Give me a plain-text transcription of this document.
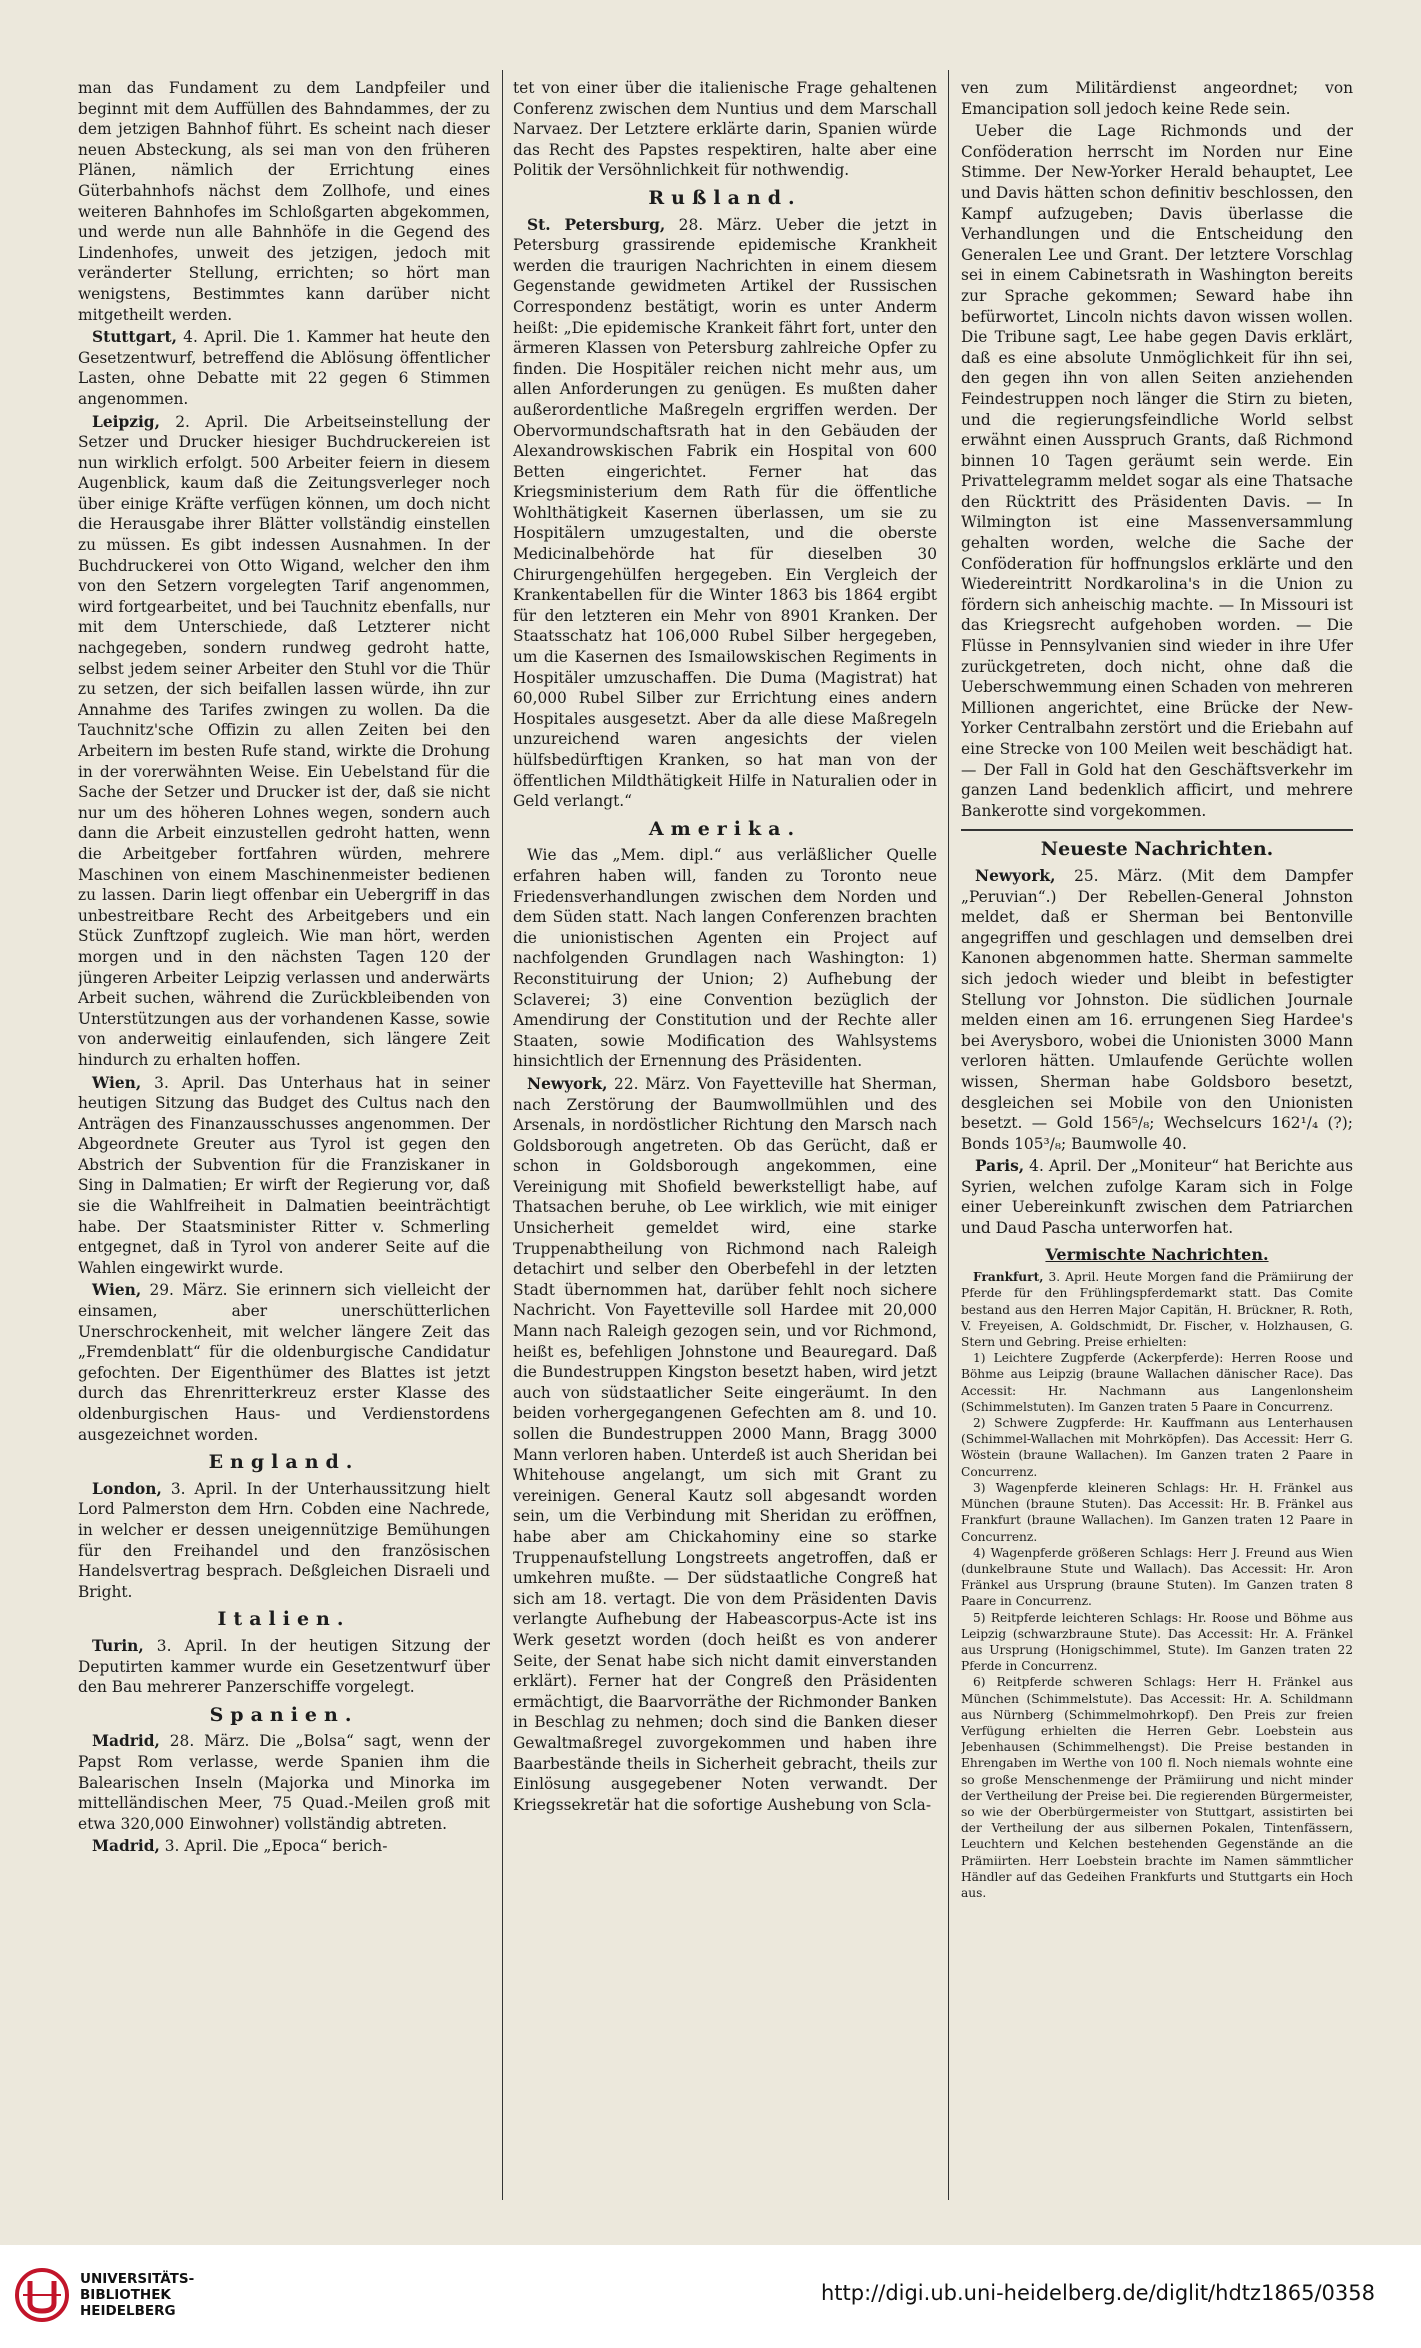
man das Fundament zu dem Landpfeiler und beginnt mit dem Auffüllen des Bahndammes, der zu dem jetzigen Bahnhof führt. Es scheint nach dieser neuen Absteckung, als sei man von den früheren Plänen, nämlich der Errichtung eines Güterbahnhofs nächst dem Zollhofe, und eines weiteren Bahnhofes im Schloßgarten abgekommen, und werde nun alle Bahnhöfe in die Gegend des Lindenhofes, unweit des jetzigen, jedoch mit veränderter Stellung, errichten; so hört man wenigstens, Bestimmtes kann darüber nicht mitgetheilt werden.

Stuttgart, 4. April. Die 1. Kammer hat heute den Gesetzentwurf, betreffend die Ablösung öffentlicher Lasten, ohne Debatte mit 22 gegen 6 Stimmen angenommen.

Leipzig, 2. April. Die Arbeitseinstellung der Setzer und Drucker hiesiger Buchdruckereien ist nun wirklich erfolgt. 500 Arbeiter feiern in diesem Augenblick, kaum daß die Zeitungsverleger noch über einige Kräfte verfügen können, um doch nicht die Herausgabe ihrer Blätter vollständig einstellen zu müssen. Es gibt indessen Ausnahmen. In der Buchdruckerei von Otto Wigand, welcher den ihm von den Setzern vorgelegten Tarif angenommen, wird fortgearbeitet, und bei Tauchnitz ebenfalls, nur mit dem Unterschiede, daß Letzterer nicht nachgegeben, sondern rundweg gedroht hatte, selbst jedem seiner Arbeiter den Stuhl vor die Thür zu setzen, der sich beifallen lassen würde, ihn zur Annahme des Tarifes zwingen zu wollen. Da die Tauchnitz'sche Offizin zu allen Zeiten bei den Arbeitern im besten Rufe stand, wirkte die Drohung in der vorerwähnten Weise. Ein Uebelstand für die Sache der Setzer und Drucker ist der, daß sie nicht nur um des höheren Lohnes wegen, sondern auch dann die Arbeit einzustellen gedroht hatten, wenn die Arbeitgeber fortfahren würden, mehrere Maschinen von einem Maschinenmeister bedienen zu lassen. Darin liegt offenbar ein Uebergriff in das unbestreitbare Recht des Arbeitgebers und ein Stück Zunftzopf zugleich. Wie man hört, werden morgen und in den nächsten Tagen 120 der jüngeren Arbeiter Leipzig verlassen und anderwärts Arbeit suchen, während die Zurückbleibenden von Unterstützungen aus der vorhandenen Kasse, sowie von anderweitig einlaufenden, sich längere Zeit hindurch zu erhalten hoffen.

Wien, 3. April. Das Unterhaus hat in seiner heutigen Sitzung das Budget des Cultus nach den Anträgen des Finanzausschusses angenommen. Der Abgeordnete Greuter aus Tyrol ist gegen den Abstrich der Subvention für die Franziskaner in Sing in Dalmatien; Er wirft der Regierung vor, daß sie die Wahlfreiheit in Dalmatien beeinträchtigt habe. Der Staatsminister Ritter v. Schmerling entgegnet, daß in Tyrol von anderer Seite auf die Wahlen eingewirkt wurde.

Wien, 29. März. Sie erinnern sich vielleicht der einsamen, aber unerschütterlichen Unerschrockenheit, mit welcher längere Zeit das „Fremdenblatt“ für die oldenburgische Candidatur gefochten. Der Eigenthümer des Blattes ist jetzt durch das Ehrenritterkreuz erster Klasse des oldenburgischen Haus- und Verdienstordens ausgezeichnet worden.

England.

London, 3. April. In der Unterhaussitzung hielt Lord Palmerston dem Hrn. Cobden eine Nachrede, in welcher er dessen uneigennützige Bemühungen für den Freihandel und den französischen Handelsvertrag besprach. Deßgleichen Disraeli und Bright.

Italien.

Turin, 3. April. In der heutigen Sitzung der Deputirten kammer wurde ein Gesetzentwurf über den Bau mehrerer Panzerschiffe vorgelegt.

Spanien.

Madrid, 28. März. Die „Bolsa“ sagt, wenn der Papst Rom verlasse, werde Spanien ihm die Balearischen Inseln (Majorka und Minorka im mittelländischen Meer, 75 Quad.-Meilen groß mit etwa 320,000 Einwohner) vollständig abtreten.

Madrid, 3. April. Die „Epoca“ berich-

tet von einer über die italienische Frage gehaltenen Conferenz zwischen dem Nuntius und dem Marschall Narvaez. Der Letztere erklärte darin, Spanien würde das Recht des Papstes respektiren, halte aber eine Politik der Versöhnlichkeit für nothwendig.

Rußland.

St. Petersburg, 28. März. Ueber die jetzt in Petersburg grassirende epidemische Krankheit werden die traurigen Nachrichten in einem diesem Gegenstande gewidmeten Artikel der Russischen Correspondenz bestätigt, worin es unter Anderm heißt: „Die epidemische Krankeit fährt fort, unter den ärmeren Klassen von Petersburg zahlreiche Opfer zu finden. Die Hospitäler reichen nicht mehr aus, um allen Anforderungen zu genügen. Es mußten daher außerordentliche Maßregeln ergriffen werden. Der Obervormundschaftsrath hat in den Gebäuden der Alexandrowskischen Fabrik ein Hospital von 600 Betten eingerichtet. Ferner hat das Kriegsministerium dem Rath für die öffentliche Wohlthätigkeit Kasernen überlassen, um sie zu Hospitälern umzugestalten, und die oberste Medicinalbehörde hat für dieselben 30 Chirurgengehülfen hergegeben. Ein Vergleich der Krankentabellen für die Winter 1863 bis 1864 ergibt für den letzteren ein Mehr von 8901 Kranken. Der Staatsschatz hat 106,000 Rubel Silber hergegeben, um die Kasernen des Ismailowskischen Regiments in Hospitäler umzuschaffen. Die Duma (Magistrat) hat 60,000 Rubel Silber zur Errichtung eines andern Hospitales ausgesetzt. Aber da alle diese Maßregeln unzureichend waren angesichts der vielen hülfsbedürftigen Kranken, so hat man von der öffentlichen Mildthätigkeit Hilfe in Naturalien oder in Geld verlangt.“

Amerika.

Wie das „Mem. dipl.“ aus verläßlicher Quelle erfahren haben will, fanden zu Toronto neue Friedensverhandlungen zwischen dem Norden und dem Süden statt. Nach langen Conferenzen brachten die unionistischen Agenten ein Project auf nachfolgenden Grundlagen nach Washington: 1) Reconstituirung der Union; 2) Aufhebung der Sclaverei; 3) eine Convention bezüglich der Amendirung der Constitution und der Rechte aller Staaten, sowie Modification des Wahlsystems hinsichtlich der Ernennung des Präsidenten.

Newyork, 22. März. Von Fayetteville hat Sherman, nach Zerstörung der Baumwollmühlen und des Arsenals, in nordöstlicher Richtung den Marsch nach Goldsborough angetreten. Ob das Gerücht, daß er schon in Goldsborough angekommen, eine Vereinigung mit Shofield bewerkstelligt habe, auf Thatsachen beruhe, ob Lee wirklich, wie mit einiger Unsicherheit gemeldet wird, eine starke Truppenabtheilung von Richmond nach Raleigh detachirt und selber den Oberbefehl in der letzten Stadt übernommen hat, darüber fehlt noch sichere Nachricht. Von Fayetteville soll Hardee mit 20,000 Mann nach Raleigh gezogen sein, und vor Richmond, heißt es, befehligen Johnstone und Beauregard. Daß die Bundestruppen Kingston besetzt haben, wird jetzt auch von südstaatlicher Seite eingeräumt. In den beiden vorhergegangenen Gefechten am 8. und 10. sollen die Bundestruppen 2000 Mann, Bragg 3000 Mann verloren haben. Unterdeß ist auch Sheridan bei Whitehouse angelangt, um sich mit Grant zu vereinigen. General Kautz soll abgesandt worden sein, um die Verbindung mit Sheridan zu eröffnen, habe aber am Chickahominy eine so starke Truppenaufstellung Longstreets angetroffen, daß er umkehren mußte. — Der südstaatliche Congreß hat sich am 18. vertagt. Die von dem Präsidenten Davis verlangte Aufhebung der Habeascorpus-Acte ist ins Werk gesetzt worden (doch heißt es von anderer Seite, der Senat habe sich nicht damit einverstanden erklärt). Ferner hat der Congreß den Präsidenten ermächtigt, die Baarvorräthe der Richmonder Banken in Beschlag zu nehmen; doch sind die Banken dieser Gewaltmaßregel zuvorgekommen und haben ihre Baarbestände theils in Sicherheit gebracht, theils zur Einlösung ausgegebener Noten verwandt. Der Kriegssekretär hat die sofortige Aushebung von Scla-

ven zum Militärdienst angeordnet; von Emancipation soll jedoch keine Rede sein.

Ueber die Lage Richmonds und der Conföderation herrscht im Norden nur Eine Stimme. Der New-Yorker Herald behauptet, Lee und Davis hätten schon definitiv beschlossen, den Kampf aufzugeben; Davis überlasse die Verhandlungen und die Entscheidung den Generalen Lee und Grant. Der letztere Vorschlag sei in einem Cabinetsrath in Washington bereits zur Sprache gekommen; Seward habe ihn befürwortet, Lincoln nichts davon wissen wollen. Die Tribune sagt, Lee habe gegen Davis erklärt, daß es eine absolute Unmöglichkeit für ihn sei, den gegen ihn von allen Seiten anziehenden Feindestruppen noch länger die Stirn zu bieten, und die regierungsfeindliche World selbst erwähnt einen Ausspruch Grants, daß Richmond binnen 10 Tagen geräumt sein werde. Ein Privattelegramm meldet sogar als eine Thatsache den Rücktritt des Präsidenten Davis. — In Wilmington ist eine Massenversammlung gehalten worden, welche die Sache der Conföderation für hoffnungslos erklärte und den Wiedereintritt Nordkarolina's in die Union zu fördern sich anheischig machte. — In Missouri ist das Kriegsrecht aufgehoben worden. — Die Flüsse in Pennsylvanien sind wieder in ihre Ufer zurückgetreten, doch nicht, ohne daß die Ueberschwemmung einen Schaden von mehreren Millionen angerichtet, eine Brücke der New-Yorker Centralbahn zerstört und die Eriebahn auf eine Strecke von 100 Meilen weit beschädigt hat. — Der Fall in Gold hat den Geschäftsverkehr im ganzen Land bedenklich afficirt, und mehrere Bankerotte sind vorgekommen.

Neueste Nachrichten.

Newyork, 25. März. (Mit dem Dampfer „Peruvian“.) Der Rebellen-General Johnston meldet, daß er Sherman bei Bentonville angegriffen und geschlagen und demselben drei Kanonen abgenommen hatte. Sherman sammelte sich jedoch wieder und bleibt in befestigter Stellung vor Johnston. Die südlichen Journale melden einen am 16. errungenen Sieg Hardee's bei Averysboro, wobei die Unionisten 3000 Mann verloren hätten. Umlaufende Gerüchte wollen wissen, Sherman habe Goldsboro besetzt, desgleichen sei Mobile von den Unionisten besetzt. — Gold 156⁵/₈; Wechselcurs 162¹/₄ (?); Bonds 105³/₈; Baumwolle 40.

Paris, 4. April. Der „Moniteur“ hat Berichte aus Syrien, welchen zufolge Karam sich in Folge einer Uebereinkunft zwischen dem Patriarchen und Daud Pascha unterworfen hat.

Vermischte Nachrichten.

Frankfurt, 3. April. Heute Morgen fand die Prämiirung der Pferde für den Frühlingspferdemarkt statt. Das Comite bestand aus den Herren Major Capitän, H. Brückner, R. Roth, V. Freyeisen, A. Goldschmidt, Dr. Fischer, v. Holzhausen, G. Stern und Gebring. Preise erhielten:

1) Leichtere Zugpferde (Ackerpferde): Herren Roose und Böhme aus Leipzig (braune Wallachen dänischer Race). Das Accessit: Hr. Nachmann aus Langenlonsheim (Schimmelstuten). Im Ganzen traten 5 Paare in Concurrenz.

2) Schwere Zugpferde: Hr. Kauffmann aus Lenterhausen (Schimmel-Wallachen mit Mohrköpfen). Das Accessit: Herr G. Wöstein (braune Wallachen). Im Ganzen traten 2 Paare in Concurrenz.

3) Wagenpferde kleineren Schlags: Hr. H. Fränkel aus München (braune Stuten). Das Accessit: Hr. B. Fränkel aus Frankfurt (braune Wallachen). Im Ganzen traten 12 Paare in Concurrenz.

4) Wagenpferde größeren Schlags: Herr J. Freund aus Wien (dunkelbraune Stute und Wallach). Das Accessit: Hr. Aron Fränkel aus Ursprung (braune Stuten). Im Ganzen traten 8 Paare in Concurrenz.

5) Reitpferde leichteren Schlags: Hr. Roose und Böhme aus Leipzig (schwarzbraune Stute). Das Accessit: Hr. A. Fränkel aus Ursprung (Honigschimmel, Stute). Im Ganzen traten 22 Pferde in Concurrenz.

6) Reitpferde schweren Schlags: Herr H. Fränkel aus München (Schimmelstute). Das Accessit: Hr. A. Schildmann aus Nürnberg (Schimmelmohrkopf). Den Preis zur freien Verfügung erhielten die Herren Gebr. Loebstein aus Jebenhausen (Schimmelhengst). Die Preise bestanden in Ehrengaben im Werthe von 100 fl. Noch niemals wohnte eine so große Menschenmenge der Prämiirung und nicht minder der Vertheilung der Preise bei. Die regierenden Bürgermeister, so wie der Oberbürgermeister von Stuttgart, assistirten bei der Vertheilung der aus silbernen Pokalen, Tintenfässern, Leuchtern und Kelchen bestehenden Gegenstände an die Prämiirten. Herr Loebstein brachte im Namen sämmtlicher Händler auf das Gedeihen Frankfurts und Stuttgarts ein Hoch aus.

UNIVERSITÄTS-
BIBLIOTHEK
HEIDELBERG
http://digi.ub.uni-heidelberg.de/diglit/hdtz1865/0358
